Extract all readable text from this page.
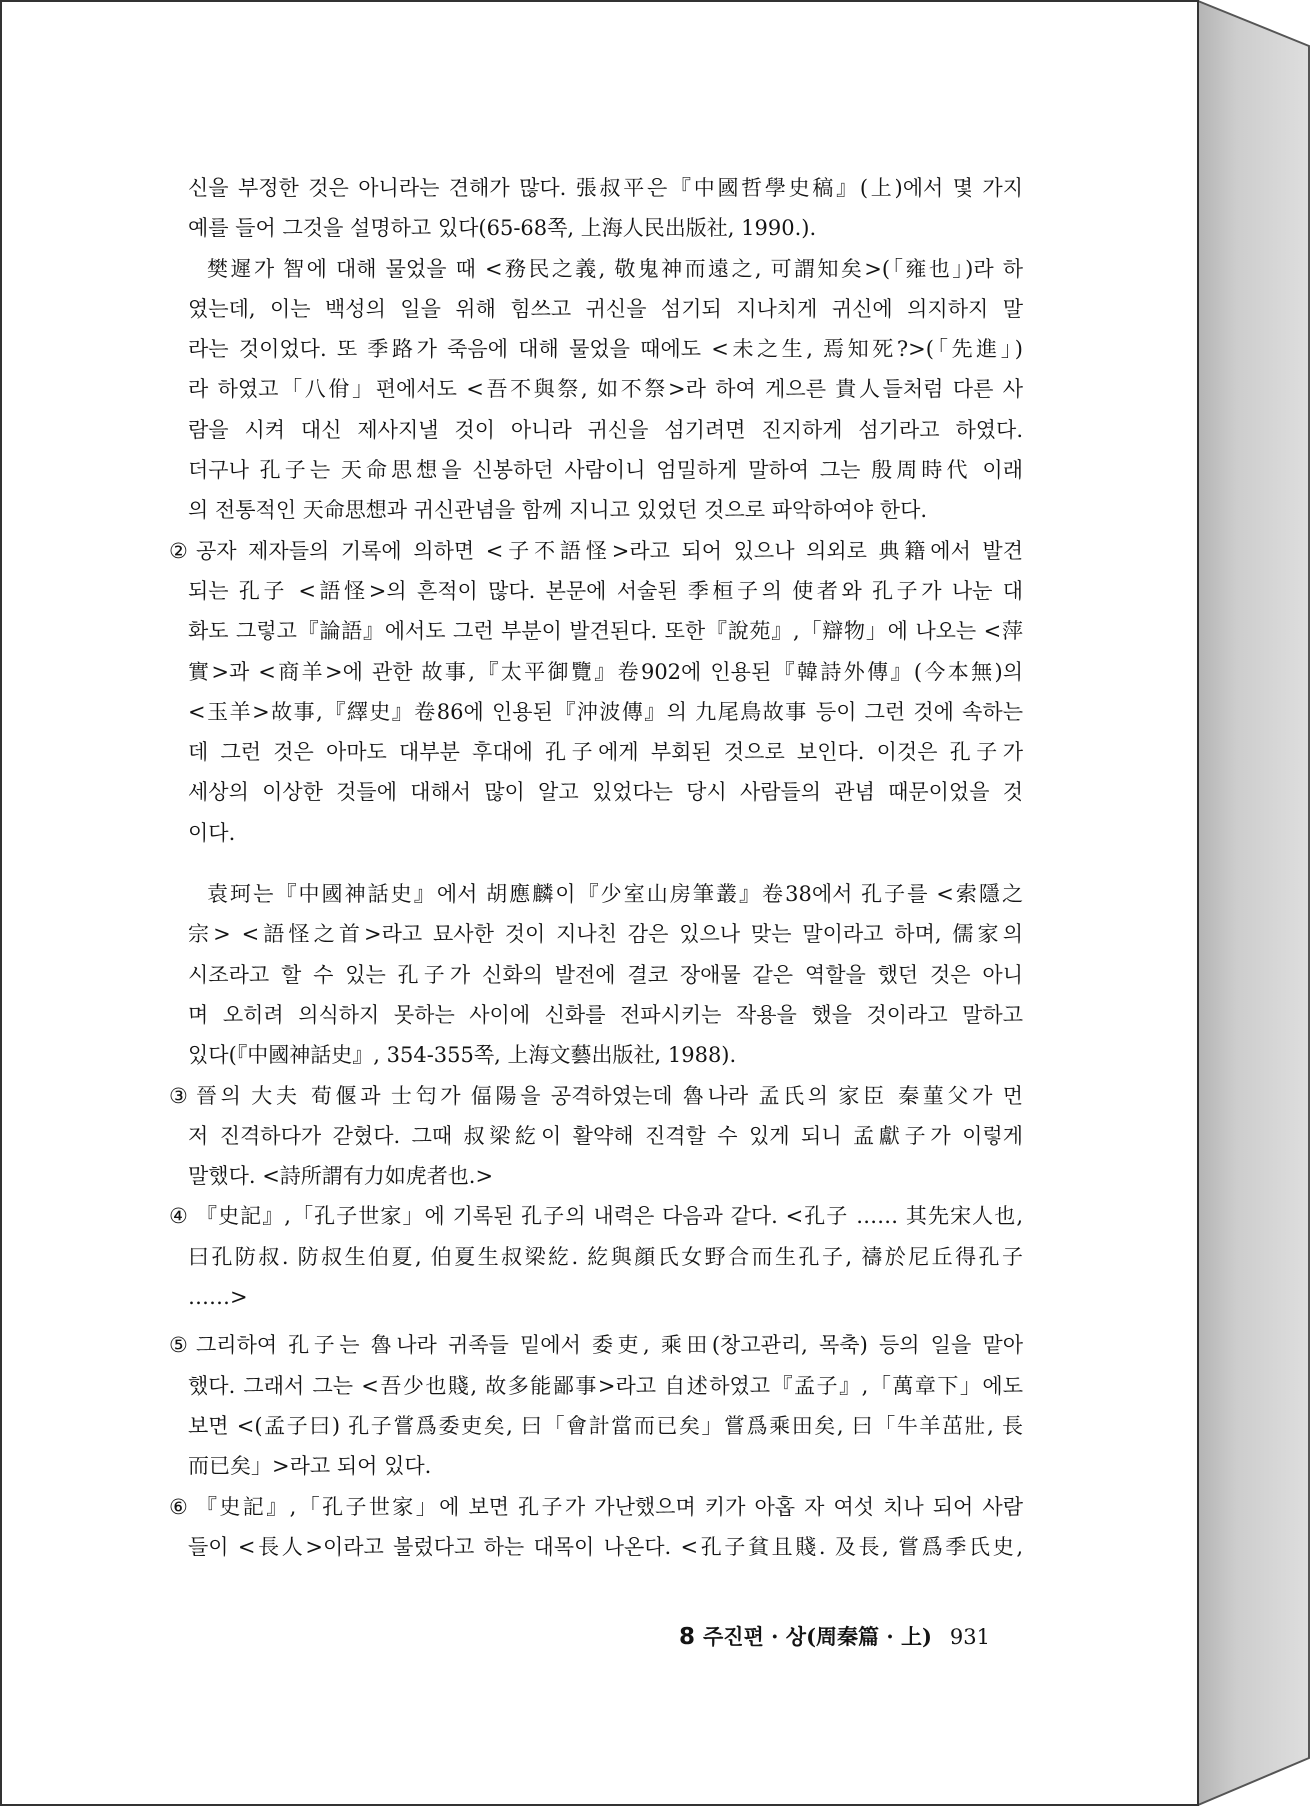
신을 부정한 것은 아니라는 견해가 많다. 張叔平은『中國哲學史稿』(上)에서 몇 가지
예를 들어 그것을 설명하고 있다(65-68쪽, 上海人民出版社, 1990.).
樊遲가 智에 대해 물었을 때 <務民之義, 敬鬼神而遠之, 可謂知矣>(「雍也」)라 하
였는데, 이는 백성의 일을 위해 힘쓰고 귀신을 섬기되 지나치게 귀신에 의지하지 말
라는 것이었다. 또 季路가 죽음에 대해 물었을 때에도 <未之生, 焉知死?>(「先進」)
라 하였고「八佾」편에서도 <吾不與祭, 如不祭>라 하여 게으른 貴人들처럼 다른 사
람을 시켜 대신 제사지낼 것이 아니라 귀신을 섬기려면 진지하게 섬기라고 하였다.
더구나 孔子는 天命思想을 신봉하던 사람이니 엄밀하게 말하여 그는 殷周時代 이래
의 전통적인 天命思想과 귀신관념을 함께 지니고 있었던 것으로 파악하여야 한다.
② 공자 제자들의 기록에 의하면 <子不語怪>라고 되어 있으나 의외로 典籍에서 발견
되는 孔子 <語怪>의 흔적이 많다. 본문에 서술된 季桓子의 使者와 孔子가 나눈 대
화도 그렇고『論語』에서도 그런 부분이 발견된다. 또한『說苑』,「辯物」에 나오는 <萍
實>과 <商羊>에 관한 故事,『太平御覽』卷902에 인용된『韓詩外傳』(今本無)의
<玉羊>故事,『繹史』卷86에 인용된『沖波傳』의 九尾鳥故事 등이 그런 것에 속하는
데 그런 것은 아마도 대부분 후대에 孔子에게 부회된 것으로 보인다. 이것은 孔子가
세상의 이상한 것들에 대해서 많이 알고 있었다는 당시 사람들의 관념 때문이었을 것
이다.
袁珂는『中國神話史』에서 胡應麟이『少室山房筆叢』卷38에서 孔子를 <索隱之
宗> <語怪之首>라고 묘사한 것이 지나친 감은 있으나 맞는 말이라고 하며, 儒家의
시조라고 할 수 있는 孔子가 신화의 발전에 결코 장애물 같은 역할을 했던 것은 아니
며 오히려 의식하지 못하는 사이에 신화를 전파시키는 작용을 했을 것이라고 말하고
있다(『中國神話史』, 354-355쪽, 上海文藝出版社, 1988).
③ 晉의 大夫 荀偃과 士匄가 偪陽을 공격하였는데 魯나라 孟氏의 家臣 秦菫父가 먼
저 진격하다가 갇혔다. 그때 叔梁紇이 활약해 진격할 수 있게 되니 孟獻子가 이렇게
말했다. <詩所謂有力如虎者也.>
④ 『史記』,「孔子世家」에 기록된 孔子의 내력은 다음과 같다. <孔子 …… 其先宋人也,
曰孔防叔. 防叔生伯夏, 伯夏生叔梁紇. 紇與顔氏女野合而生孔子, 禱於尼丘得孔子
……>
⑤ 그리하여 孔子는 魯나라 귀족들 밑에서 委吏, 乘田(창고관리, 목축) 등의 일을 맡아
했다. 그래서 그는 <吾少也賤, 故多能鄙事>라고 自述하였고『孟子』,「萬章下」에도
보면 <(孟子曰) 孔子嘗爲委吏矣, 曰「會計當而已矣」嘗爲乘田矣, 曰「牛羊茁壯, 長
而已矣」>라고 되어 있다.
⑥ 『史記』,「孔子世家」에 보면 孔子가 가난했으며 키가 아홉 자 여섯 치나 되어 사람
들이 <長人>이라고 불렀다고 하는 대목이 나온다. <孔子貧且賤. 及長, 嘗爲季氏史,
8 주진편 · 상(周秦篇 · 上) 931
